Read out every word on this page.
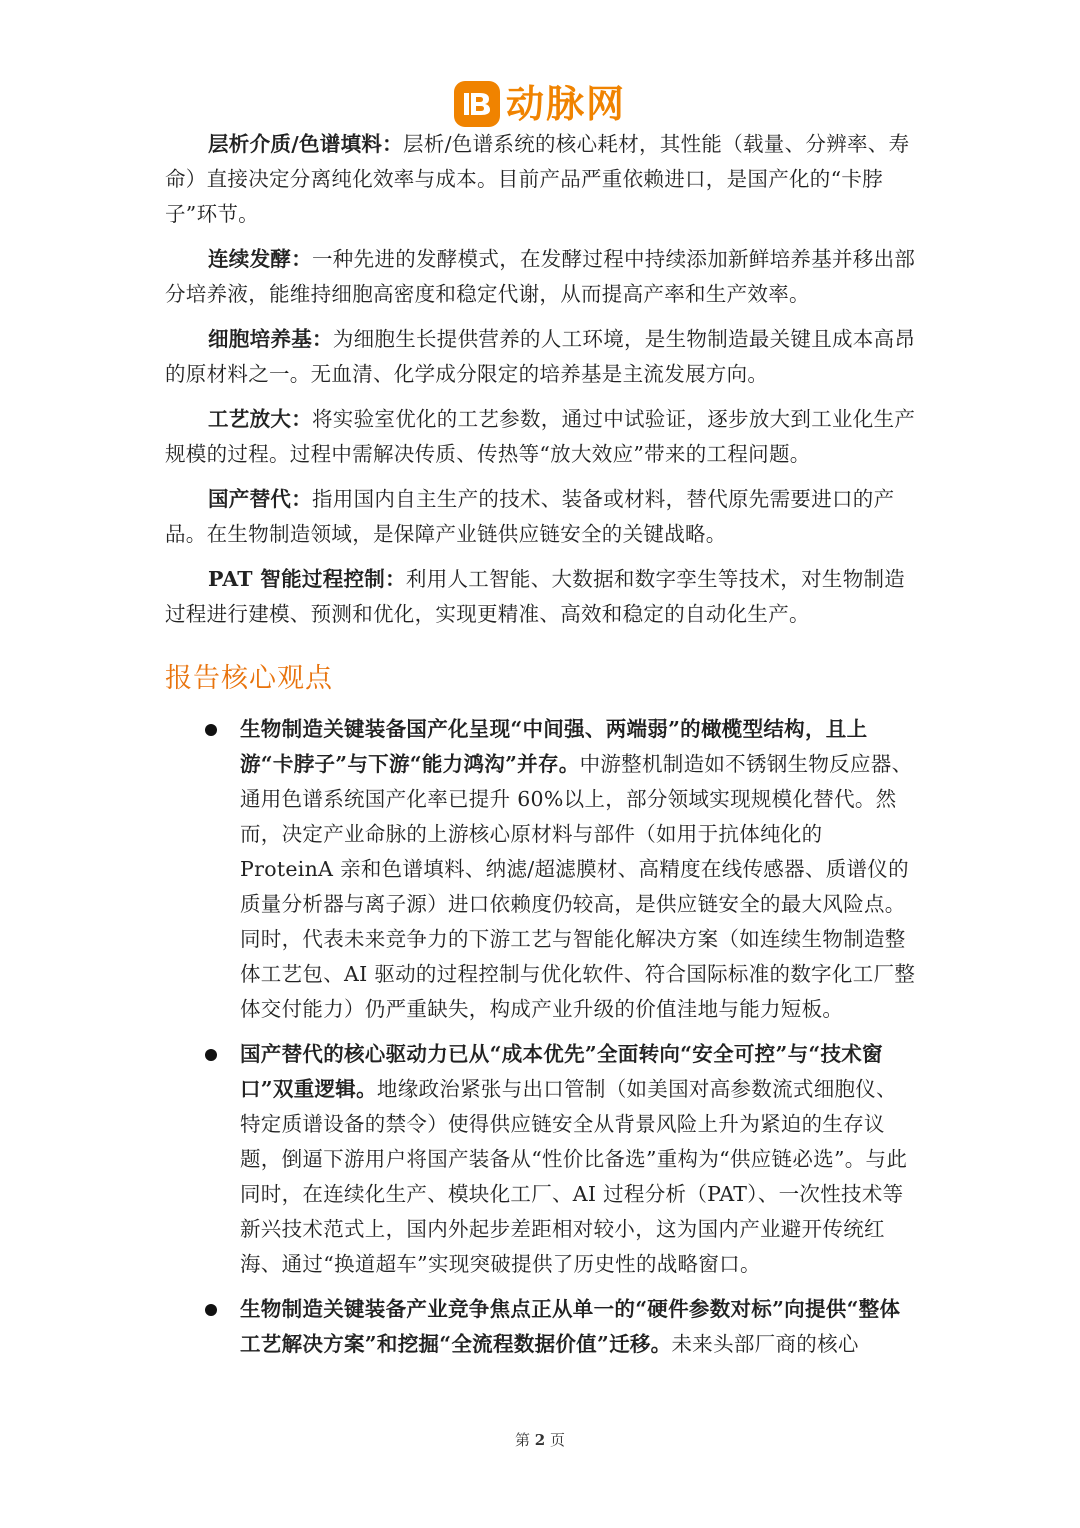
动脉网

层析介质/色谱填料：层析/色谱系统的核心耗材，其性能（载量、分辨率、寿命）直接决定分离纯化效率与成本。目前产品严重依赖进口，是国产化的“卡脖子”环节。

连续发酵：一种先进的发酵模式，在发酵过程中持续添加新鲜培养基并移出部分培养液，能维持细胞高密度和稳定代谢，从而提高产率和生产效率。

细胞培养基：为细胞生长提供营养的人工环境，是生物制造最关键且成本高昂的原材料之一。无血清、化学成分限定的培养基是主流发展方向。

工艺放大：将实验室优化的工艺参数，通过中试验证，逐步放大到工业化生产规模的过程。过程中需解决传质、传热等“放大效应”带来的工程问题。

国产替代：指用国内自主生产的技术、装备或材料，替代原先需要进口的产品。在生物制造领域，是保障产业链供应链安全的关键战略。

PAT 智能过程控制：利用人工智能、大数据和数字孪生等技术，对生物制造过程进行建模、预测和优化，实现更精准、高效和稳定的自动化生产。

报告核心观点
生物制造关键装备国产化呈现“中间强、两端弱”的橄榄型结构，且上游“卡脖子”与下游“能力鸿沟”并存。中游整机制造如不锈钢生物反应器、通用色谱系统国产化率已提升 60%以上，部分领域实现规模化替代。然而，决定产业命脉的上游核心原材料与部件（如用于抗体纯化的 ProteinA 亲和色谱填料、纳滤/超滤膜材、高精度在线传感器、质谱仪的质量分析器与离子源）进口依赖度仍较高，是供应链安全的最大风险点。同时，代表未来竞争力的下游工艺与智能化解决方案（如连续生物制造整体工艺包、AI 驱动的过程控制与优化软件、符合国际标准的数字化工厂整体交付能力）仍严重缺失，构成产业升级的价值洼地与能力短板。
国产替代的核心驱动力已从“成本优先”全面转向“安全可控”与“技术窗口”双重逻辑。地缘政治紧张与出口管制（如美国对高参数流式细胞仪、特定质谱设备的禁令）使得供应链安全从背景风险上升为紧迫的生存议题，倒逼下游用户将国产装备从“性价比备选”重构为“供应链必选”。与此同时，在连续化生产、模块化工厂、AI 过程分析（PAT）、一次性技术等新兴技术范式上，国内外起步差距相对较小，这为国内产业避开传统红海、通过“换道超车”实现突破提供了历史性的战略窗口。
生物制造关键装备产业竞争焦点正从单一的“硬件参数对标”向提供“整体工艺解决方案”和挖掘“全流程数据价值”迁移。未来头部厂商的核心
第 2 页
